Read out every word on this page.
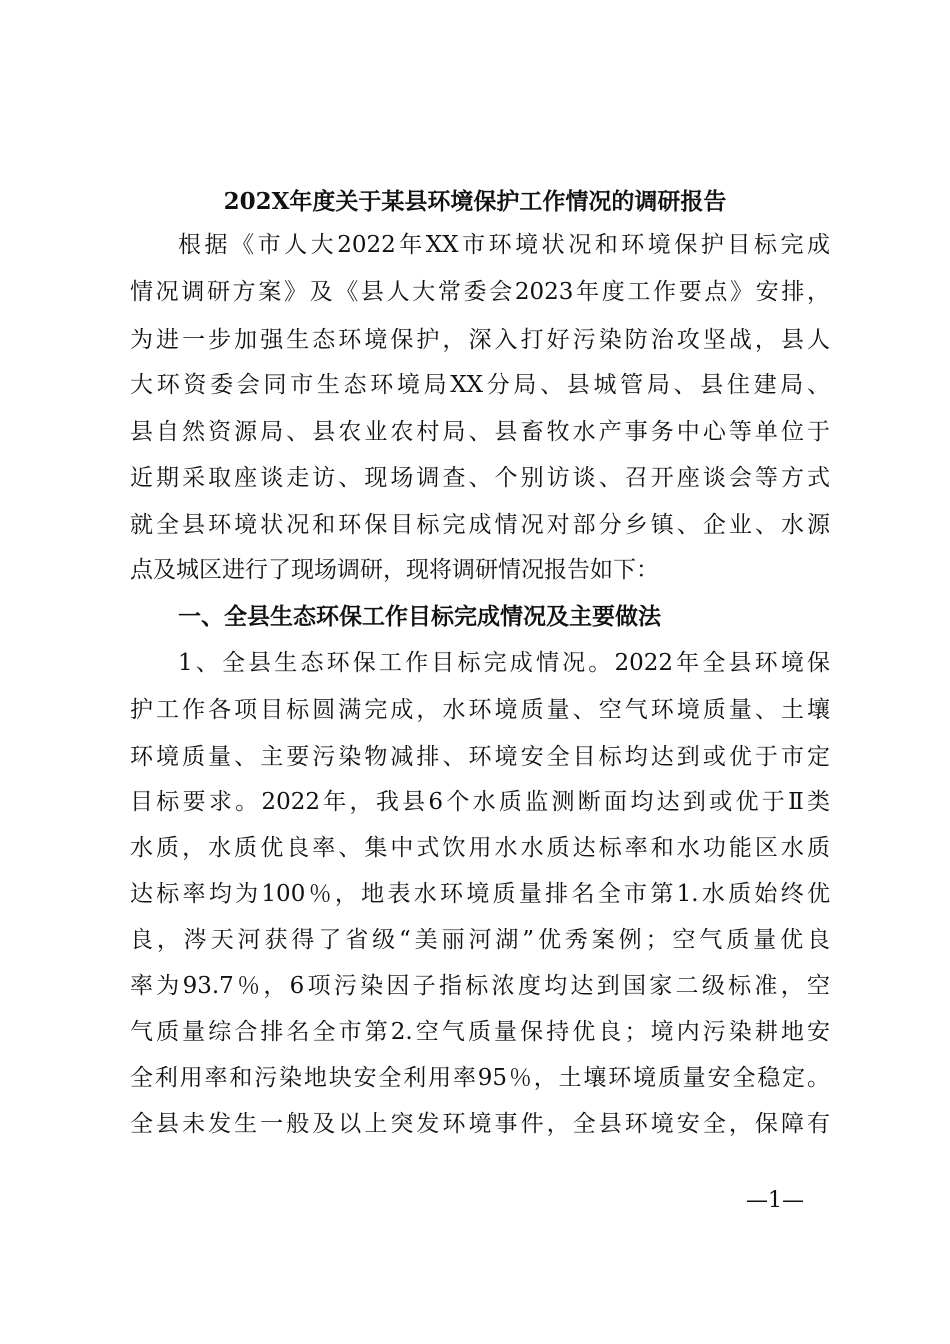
202X年度关于某县环境保护工作情况的调研报告

根据《市人大2022年XX市环境状况和环境保护目标完成

情况调研方案》及《县人大常委会2023年度工作要点》安排，

为进一步加强生态环境保护，深入打好污染防治攻坚战，县人

大环资委会同市生态环境局XX分局、县城管局、县住建局、

县自然资源局、县农业农村局、县畜牧水产事务中心等单位于

近期采取座谈走访、现场调查、个别访谈、召开座谈会等方式

就全县环境状况和环保目标完成情况对部分乡镇、企业、水源

点及城区进行了现场调研，现将调研情况报告如下：

一、全县生态环保工作目标完成情况及主要做法

1、全县生态环保工作目标完成情况。2022年全县环境保

护工作各项目标圆满完成，水环境质量、空气环境质量、土壤

环境质量、主要污染物减排、环境安全目标均达到或优于市定

目标要求。2022年，我县6个水质监测断面均达到或优于Ⅱ类

水质，水质优良率、集中式饮用水水质达标率和水功能区水质

达标率均为100％，地表水环境质量排名全市第1.水质始终优

良，涔天河获得了省级“美丽河湖”优秀案例；空气质量优良

率为93.7％，6项污染因子指标浓度均达到国家二级标准，空

气质量综合排名全市第2.空气质量保持优良；境内污染耕地安

全利用率和污染地块安全利用率95％，土壤环境质量安全稳定。

全县未发生一般及以上突发环境事件，全县环境安全，保障有

—1—
